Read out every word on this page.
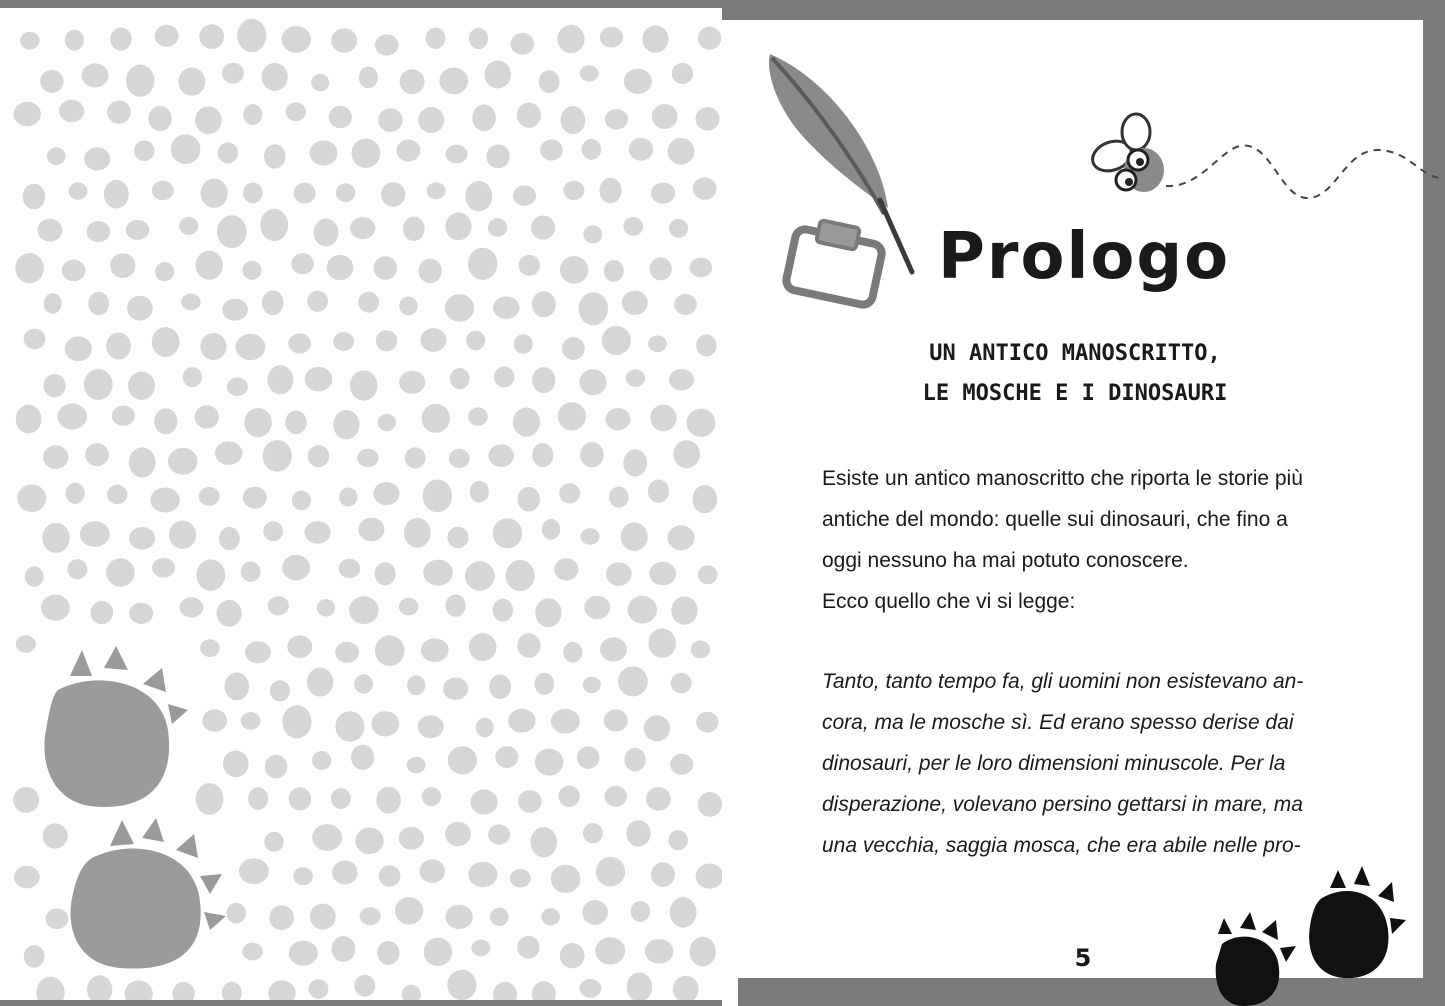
Prologo
UN ANTICO MANOSCRITTO,
LE MOSCHE E I DINOSAURI
Esiste un antico manoscritto che riporta le storie più
antiche del mondo: quelle sui dinosauri, che fino a
oggi nessuno ha mai potuto conoscere.
Ecco quello che vi si legge:
Tanto, tanto tempo fa, gli uomini non esistevano an-
cora, ma le mosche sì. Ed erano spesso derise dai
dinosauri, per le loro dimensioni minuscole. Per la
disperazione, volevano persino gettarsi in mare, ma
una vecchia, saggia mosca, che era abile nelle pro-
5
